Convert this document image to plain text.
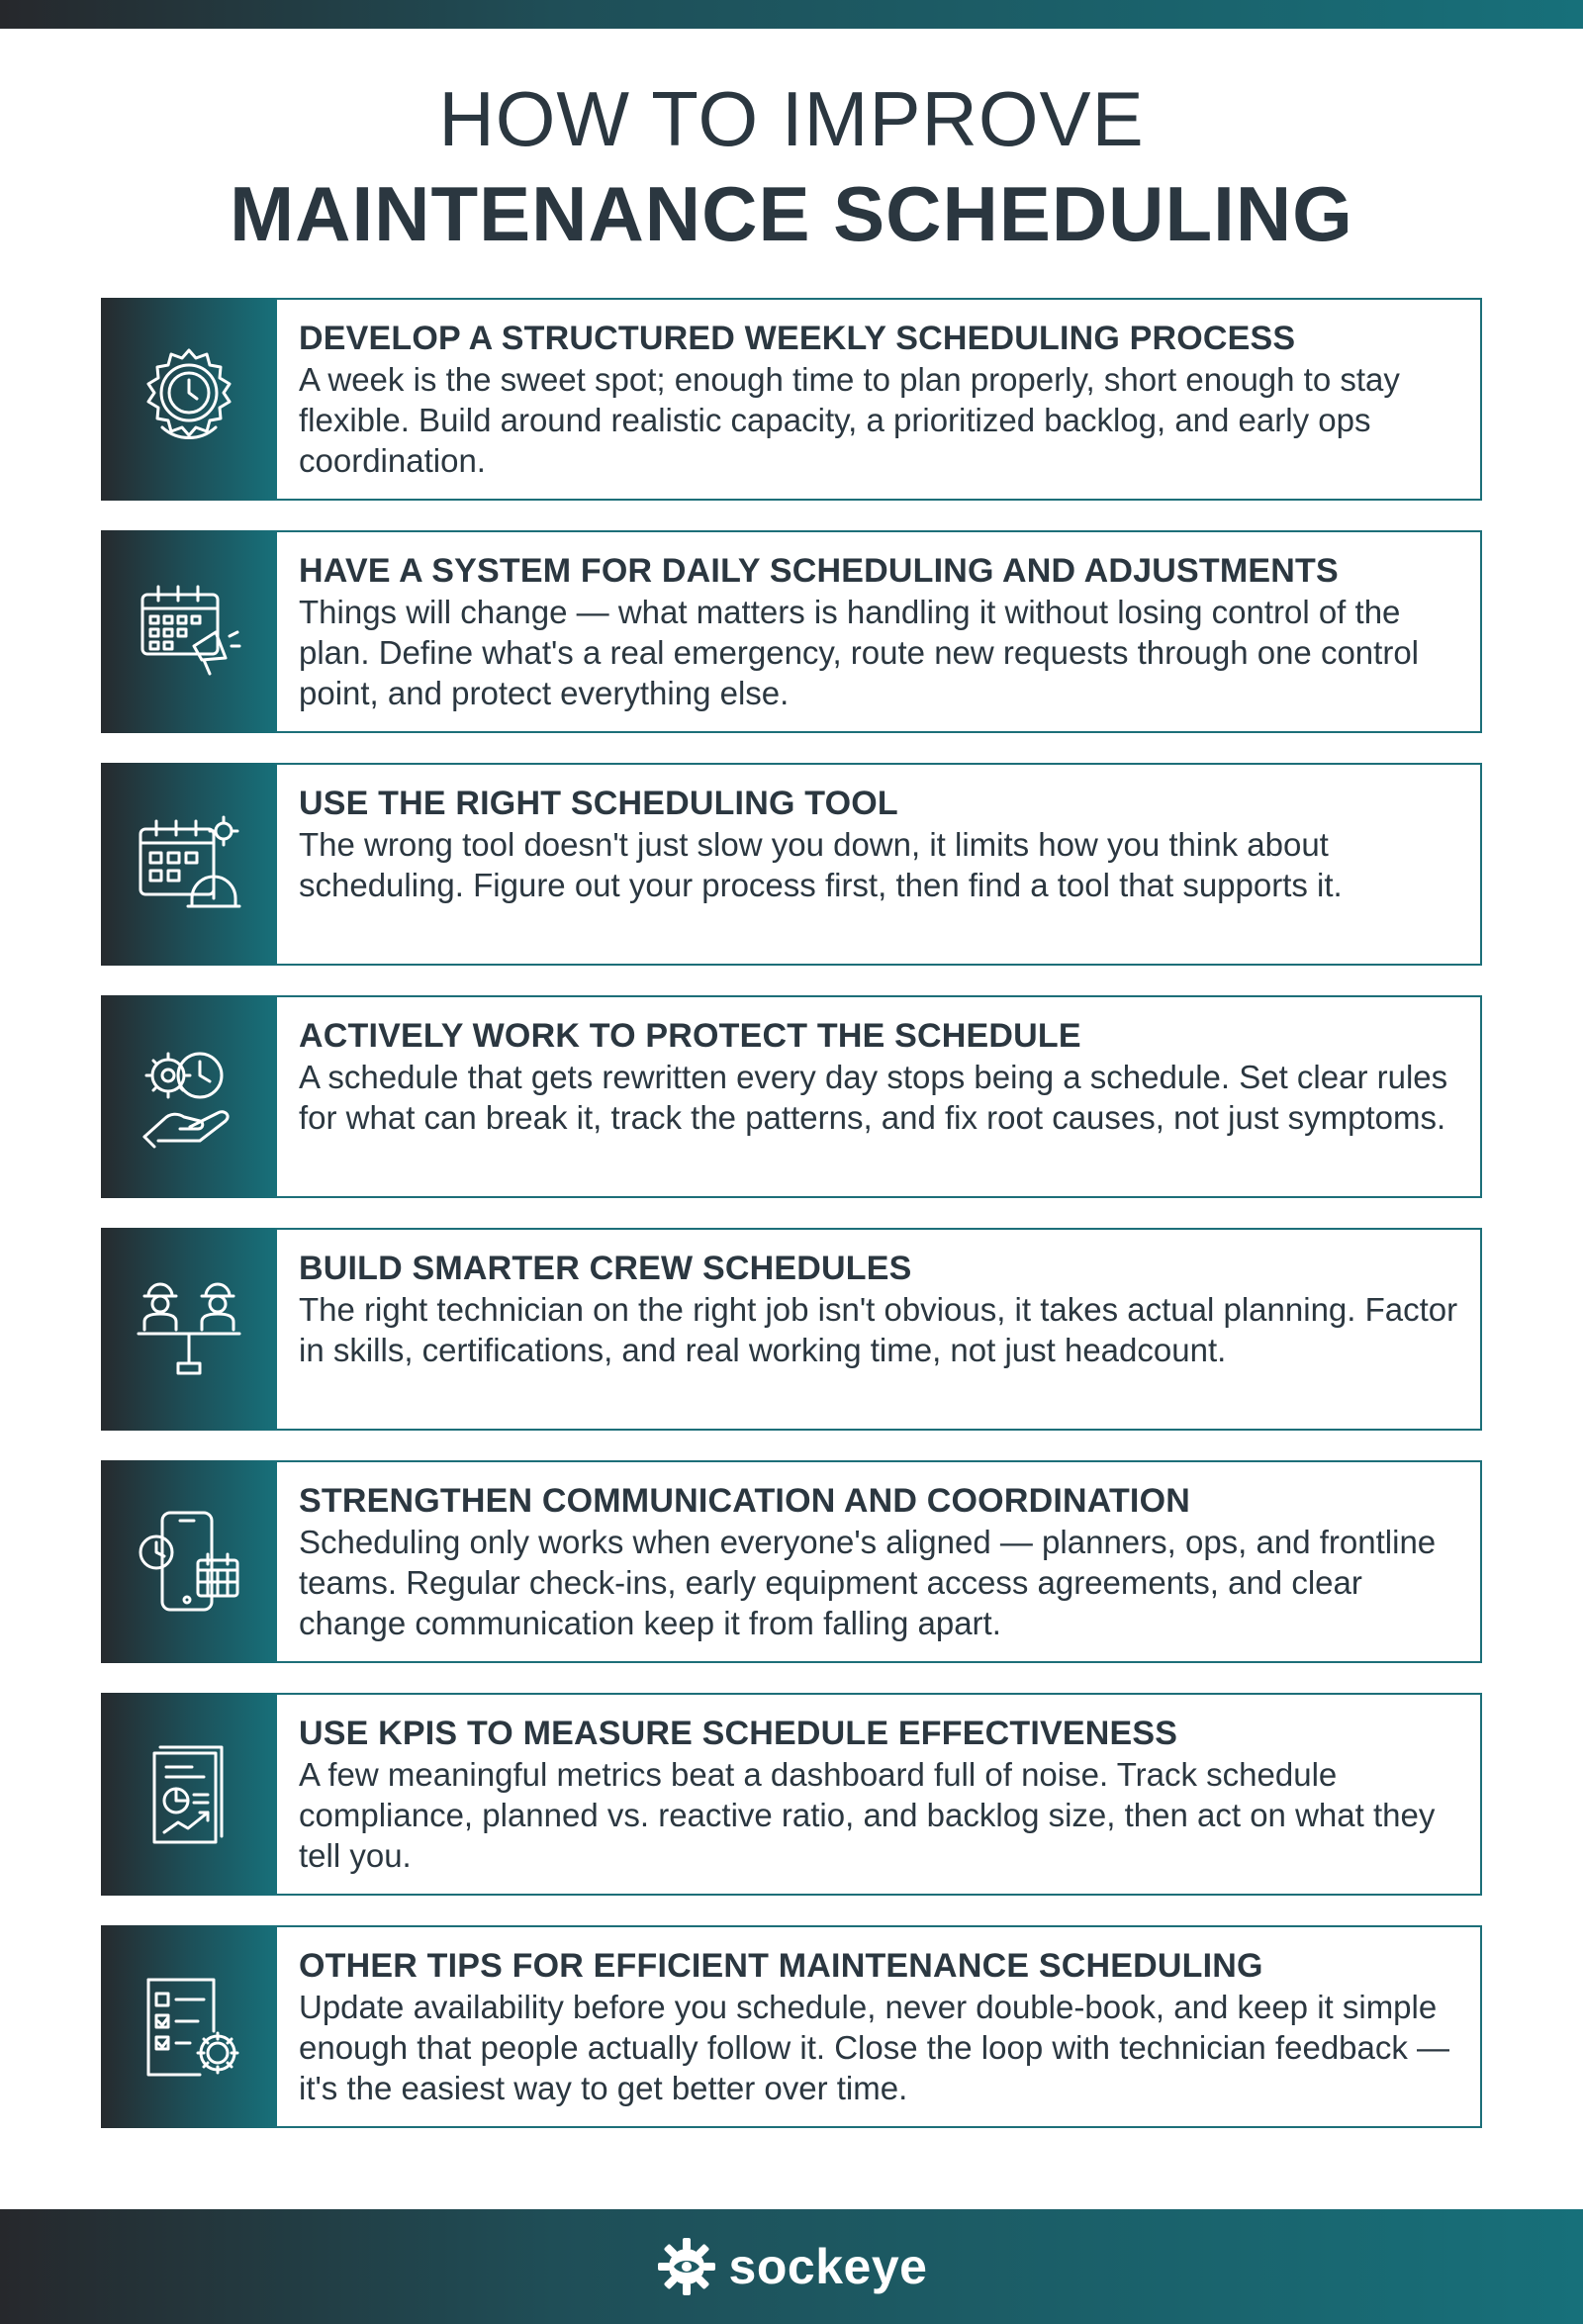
HOW TO IMPROVE
MAINTENANCE SCHEDULING
DEVELOP A STRUCTURED WEEKLY SCHEDULING PROCESS
A week is the sweet spot; enough time to plan properly, short enough to stay flexible. Build around realistic capacity, a prioritized backlog, and early ops coordination.
HAVE A SYSTEM FOR DAILY SCHEDULING AND ADJUSTMENTS
Things will change — what matters is handling it without losing control of the plan. Define what's a real emergency, route new requests through one control point, and protect everything else.
USE THE RIGHT SCHEDULING TOOL
The wrong tool doesn't just slow you down, it limits how you think about scheduling. Figure out your process first, then find a tool that supports it.
ACTIVELY WORK TO PROTECT THE SCHEDULE
A schedule that gets rewritten every day stops being a schedule. Set clear rules for what can break it, track the patterns, and fix root causes, not just symptoms.
BUILD SMARTER CREW SCHEDULES
The right technician on the right job isn't obvious, it takes actual planning. Factor in skills, certifications, and real working time, not just headcount.
STRENGTHEN COMMUNICATION AND COORDINATION
Scheduling only works when everyone's aligned — planners, ops, and frontline teams. Regular check-ins, early equipment access agreements, and clear change communication keep it from falling apart.
USE KPIS TO MEASURE SCHEDULE EFFECTIVENESS
A few meaningful metrics beat a dashboard full of noise. Track schedule compliance, planned vs. reactive ratio, and backlog size, then act on what they tell you.
OTHER TIPS FOR EFFICIENT MAINTENANCE SCHEDULING
Update availability before you schedule, never double-book, and keep it simple enough that people actually follow it. Close the loop with technician feedback — it's the easiest way to get better over time.
sockeye
